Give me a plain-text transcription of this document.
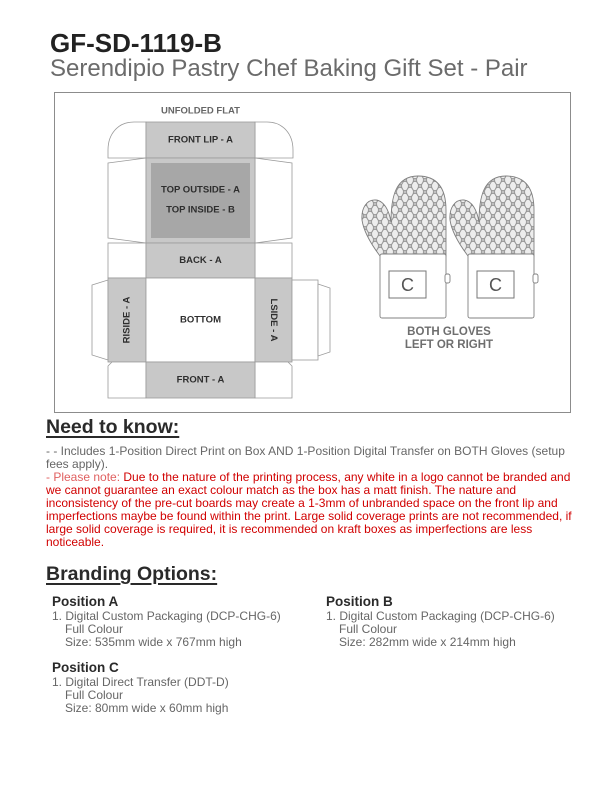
GF-SD-1119-B
Serendipio Pastry Chef Baking Gift Set - Pair
UNFOLDED FLAT
FRONT LIP - A
TOP OUTSIDE - A
TOP INSIDE - B
BACK - A
BOTTOM
RISIDE - A	LSIDE - A
FRONT - A
C	C
BOTH GLOVES
LEFT OR RIGHT
Need to know:
- - Includes 1-Position Direct Print on Box AND 1-Position Digital Transfer on BOTH Gloves (setup fees apply).
- Please note: Due to the nature of the printing process, any white in a logo cannot be branded and we cannot guarantee an exact colour match as the box has a matt finish. The nature and inconsistency of the pre-cut boards may create a 1-3mm of unbranded space on the front lip and imperfections maybe be found within the print. Large solid coverage prints are not recommended, if large solid coverage is required, it is recommended on kraft boxes as imperfections are less noticeable.
Branding Options:
Position A
1. Digital Custom Packaging (DCP-CHG-6)
Full Colour
Size: 535mm wide x 767mm high
Position B
1. Digital Custom Packaging (DCP-CHG-6)
Full Colour
Size: 282mm wide x 214mm high
Position C
1. Digital Direct Transfer (DDT-D)
Full Colour
Size: 80mm wide x 60mm high
